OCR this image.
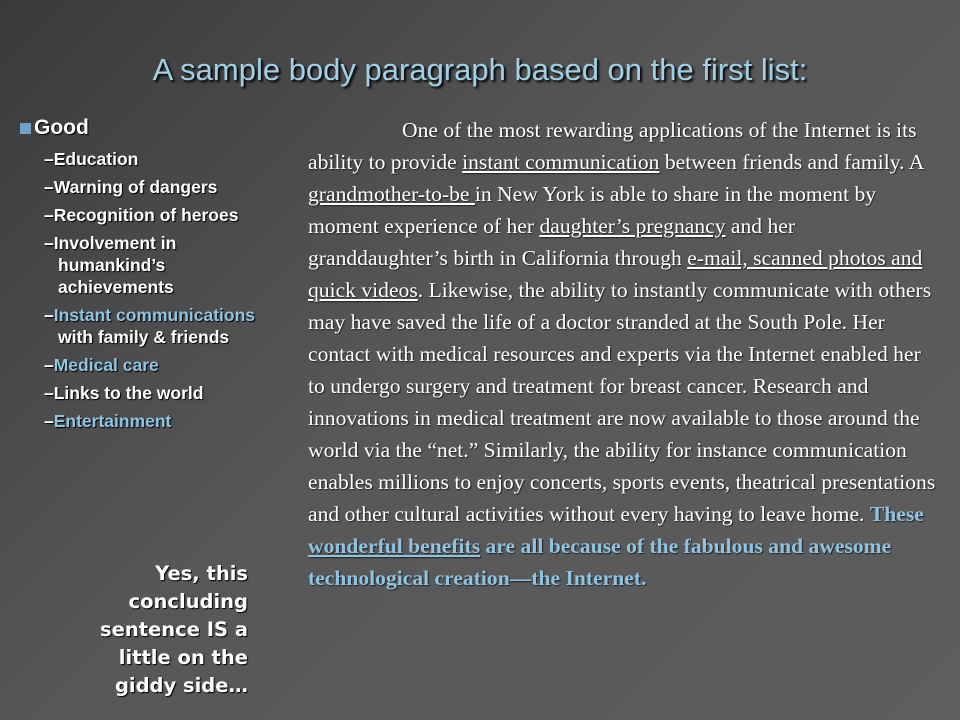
A sample body paragraph based on the first list:
Good
–Education
–Warning of dangers
–Recognition of heroes
–Involvement in humankind’s achievements
–Instant communications with family & friends
–Medical care
–Links to the world
–Entertainment
Yes, this concluding sentence IS a little on the giddy side…
One of the most rewarding applications of the Internet is its ability to provide instant communication between friends and family. A grandmother-to-be in New York is able to share in the moment by moment experience of her daughter’s pregnancy and her granddaughter’s birth in California through e-mail, scanned photos and quick videos. Likewise, the ability to instantly communicate with others may have saved the life of a doctor stranded at the South Pole. Her contact with medical resources and experts via the Internet enabled her to undergo surgery and treatment for breast cancer. Research and innovations in medical treatment are now available to those around the world via the “net.” Similarly, the ability for instance communication enables millions to enjoy concerts, sports events, theatrical presentations and other cultural activities without every having to leave home. These wonderful benefits are all because of the fabulous and awesome technological creation—the Internet.
